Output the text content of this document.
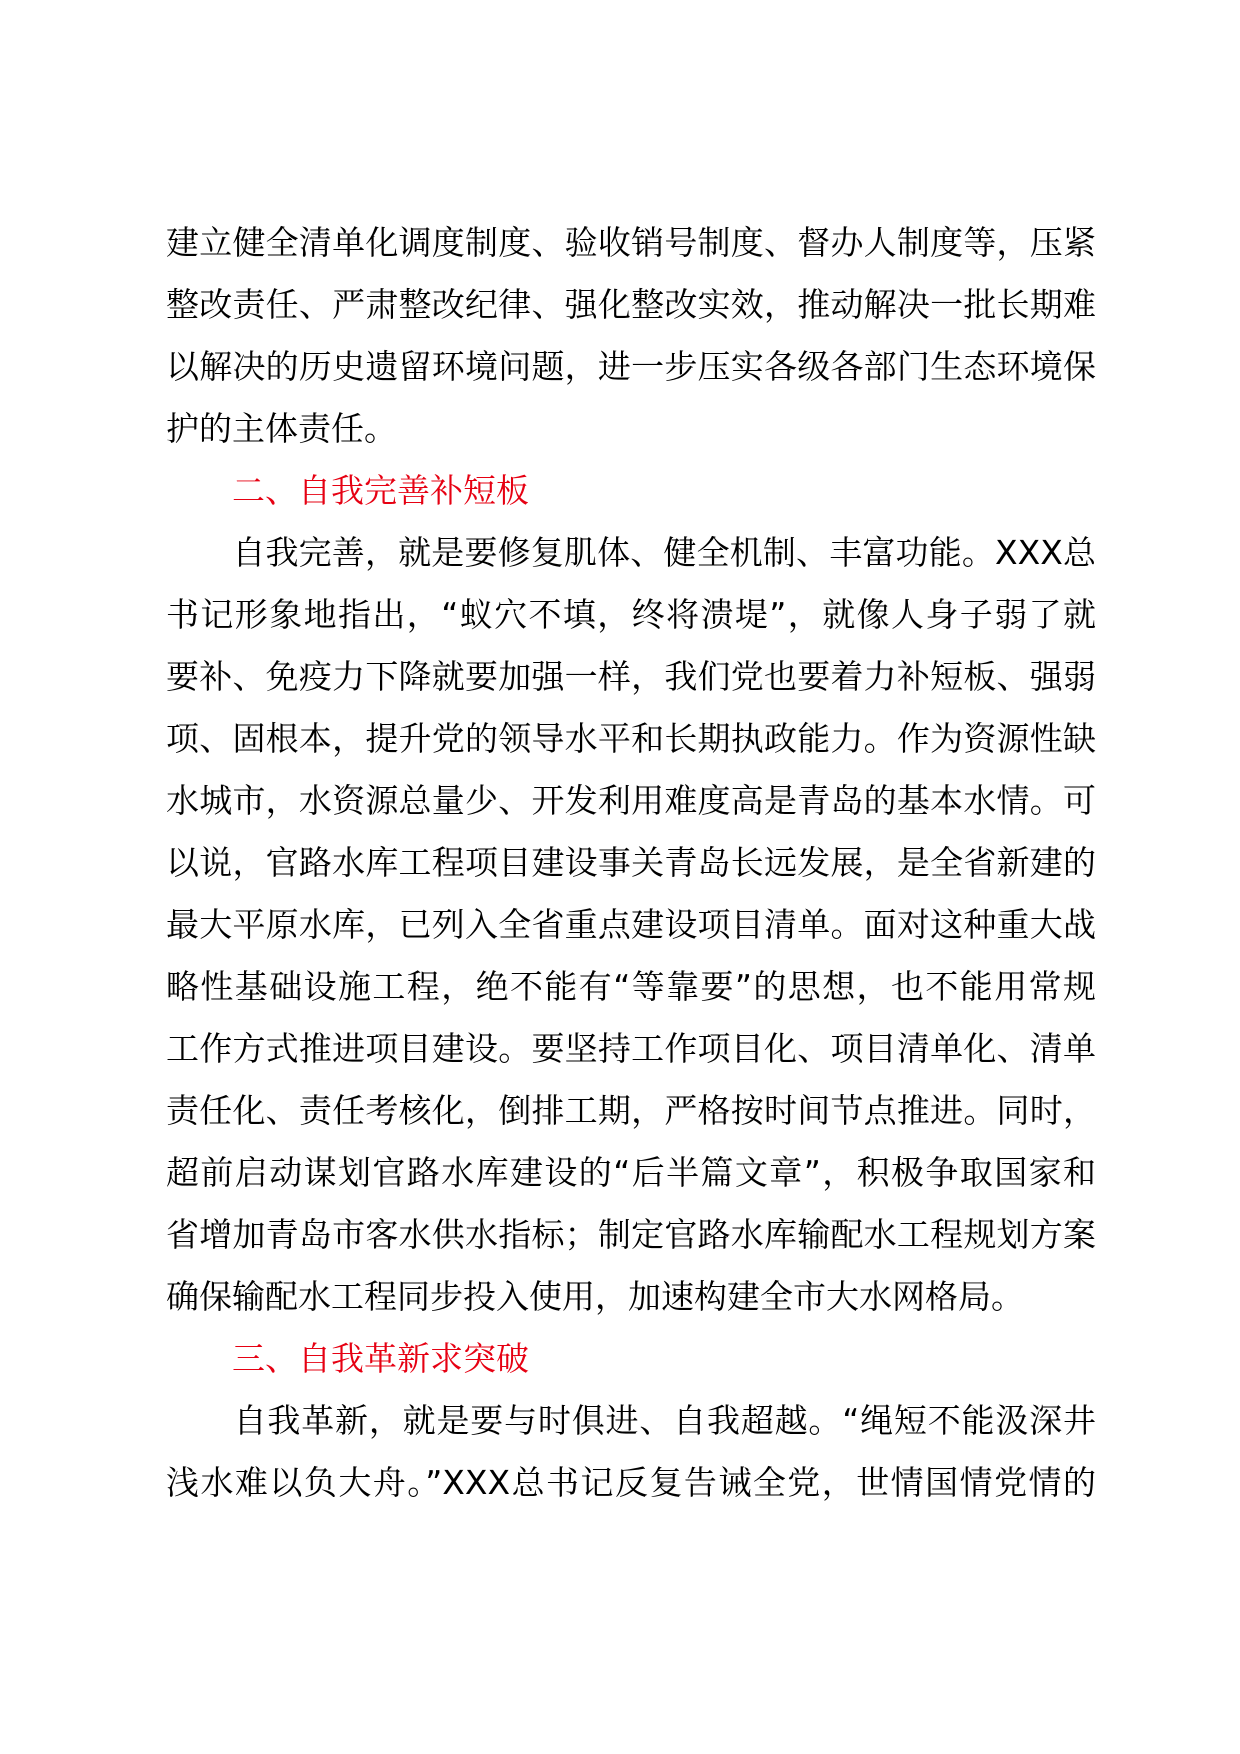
建立健全清单化调度制度、验收销号制度、督办人制度等，压紧
整改责任、严肃整改纪律、强化整改实效，推动解决一批长期难
以解决的历史遗留环境问题，进一步压实各级各部门生态环境保
护的主体责任。
　　二、自我完善补短板
　　自我完善，就是要修复肌体、健全机制、丰富功能。XXX总
书记形象地指出，“蚁穴不填，终将溃堤”，就像人身子弱了就
要补、免疫力下降就要加强一样，我们党也要着力补短板、强弱
项、固根本，提升党的领导水平和长期执政能力。作为资源性缺
水城市，水资源总量少、开发利用难度高是青岛的基本水情。可
以说，官路水库工程项目建设事关青岛长远发展，是全省新建的
最大平原水库，已列入全省重点建设项目清单。面对这种重大战
略性基础设施工程，绝不能有“等靠要”的思想，也不能用常规
工作方式推进项目建设。要坚持工作项目化、项目清单化、清单
责任化、责任考核化，倒排工期，严格按时间节点推进。同时，
超前启动谋划官路水库建设的“后半篇文章”，积极争取国家和
省增加青岛市客水供水指标；制定官路水库输配水工程规划方案
确保输配水工程同步投入使用，加速构建全市大水网格局。
　　三、自我革新求突破
　　自我革新，就是要与时俱进、自我超越。“绳短不能汲深井
浅水难以负大舟。”XXX总书记反复告诫全党，世情国情党情的
